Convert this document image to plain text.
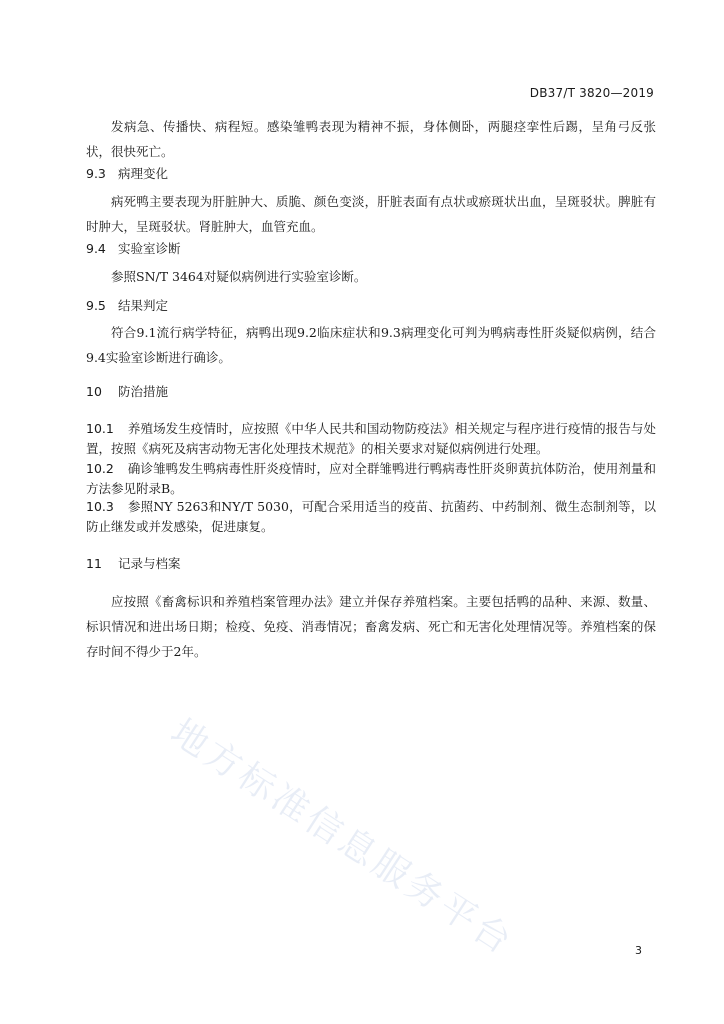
DB37/T 3820—2019
发病急、传播快、病程短。感染雏鸭表现为精神不振，身体侧卧，两腿痉挛性后踢，呈角弓反张状，很快死亡。
9.3 病理变化
病死鸭主要表现为肝脏肿大、质脆、颜色变淡，肝脏表面有点状或瘀斑状出血，呈斑驳状。脾脏有时肿大，呈斑驳状。肾脏肿大，血管充血。
9.4 实验室诊断
参照SN/T 3464对疑似病例进行实验室诊断。
9.5 结果判定
符合9.1流行病学特征，病鸭出现9.2临床症状和9.3病理变化可判为鸭病毒性肝炎疑似病例，结合9.4实验室诊断进行确诊。
10 防治措施
10.1 养殖场发生疫情时，应按照《中华人民共和国动物防疫法》相关规定与程序进行疫情的报告与处置，按照《病死及病害动物无害化处理技术规范》的相关要求对疑似病例进行处理。
10.2 确诊雏鸭发生鸭病毒性肝炎疫情时，应对全群雏鸭进行鸭病毒性肝炎卵黄抗体防治，使用剂量和方法参见附录B。
10.3 参照NY 5263和NY/T 5030，可配合采用适当的疫苗、抗菌药、中药制剂、微生态制剂等，以防止继发或并发感染，促进康复。
11 记录与档案
应按照《畜禽标识和养殖档案管理办法》建立并保存养殖档案。主要包括鸭的品种、来源、数量、标识情况和进出场日期；检疫、免疫、消毒情况；畜禽发病、死亡和无害化处理情况等。养殖档案的保存时间不得少于2年。
地方标准信息服务平台	3
